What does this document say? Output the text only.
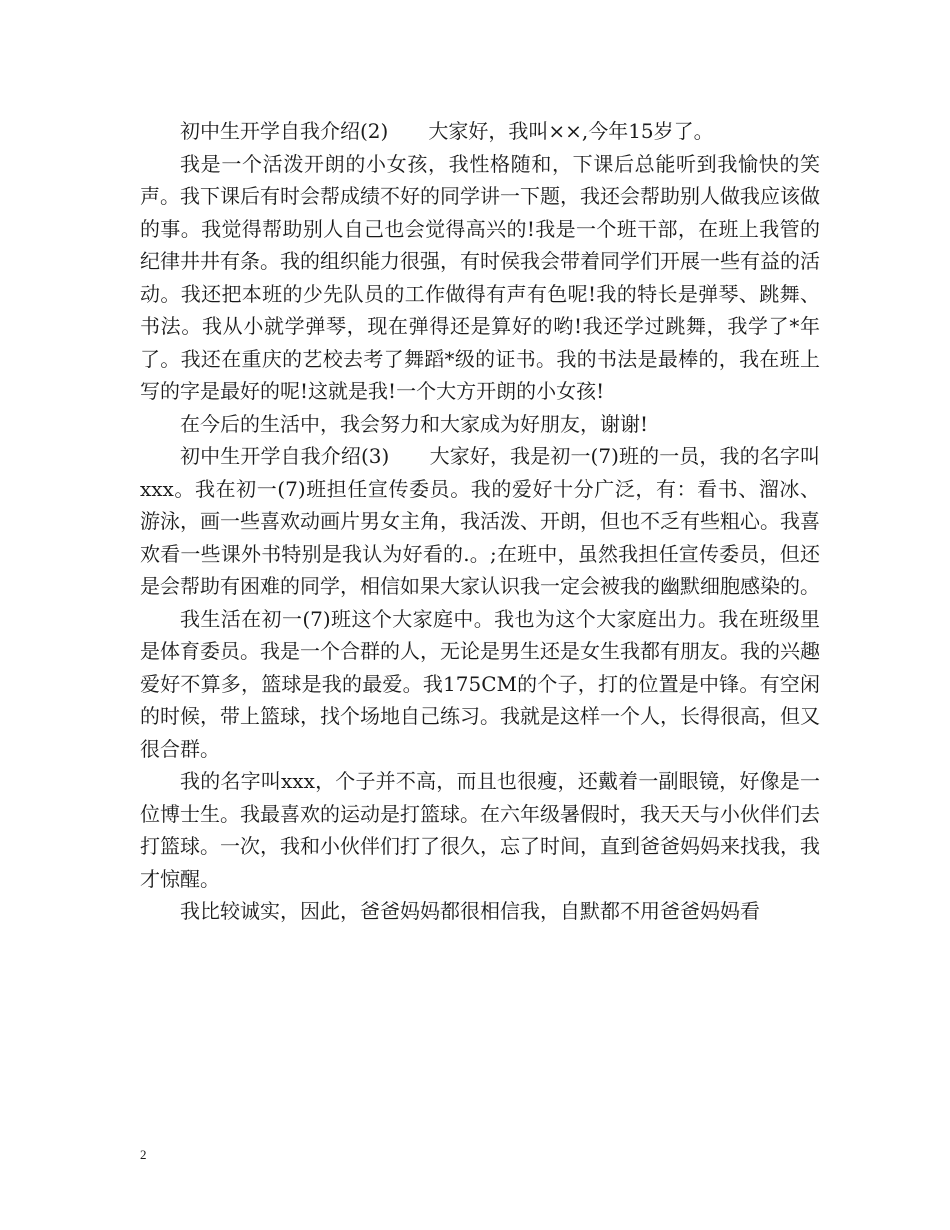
初中生开学自我介绍(2)　　大家好，我叫××,今年15岁了。

我是一个活泼开朗的小女孩，我性格随和，下课后总能听到我愉快的笑声。我下课后有时会帮成绩不好的同学讲一下题，我还会帮助别人做我应该做的事。我觉得帮助别人自己也会觉得高兴的!我是一个班干部，在班上我管的纪律井井有条。我的组织能力很强，有时侯我会带着同学们开展一些有益的活动。我还把本班的少先队员的工作做得有声有色呢!我的特长是弹琴、跳舞、书法。我从小就学弹琴，现在弹得还是算好的哟!我还学过跳舞，我学了*年了。我还在重庆的艺校去考了舞蹈*级的证书。我的书法是最棒的，我在班上写的字是最好的呢!这就是我!一个大方开朗的小女孩!

在今后的生活中，我会努力和大家成为好朋友，谢谢!

初中生开学自我介绍(3)　　大家好，我是初一(7)班的一员，我的名字叫xxx。我在初一(7)班担任宣传委员。我的爱好十分广泛，有：看书、溜冰、游泳，画一些喜欢动画片男女主角，我活泼、开朗，但也不乏有些粗心。我喜欢看一些课外书特别是我认为好看的.。;在班中，虽然我担任宣传委员，但还是会帮助有困难的同学，相信如果大家认识我一定会被我的幽默细胞感染的。

我生活在初一(7)班这个大家庭中。我也为这个大家庭出力。我在班级里是体育委员。我是一个合群的人，无论是男生还是女生我都有朋友。我的兴趣爱好不算多，篮球是我的最爱。我175CM的个子，打的位置是中锋。有空闲的时候，带上篮球，找个场地自己练习。我就是这样一个人，长得很高，但又很合群。

我的名字叫xxx，个子并不高，而且也很瘦，还戴着一副眼镜，好像是一位博士生。我最喜欢的运动是打篮球。在六年级暑假时，我天天与小伙伴们去打篮球。一次，我和小伙伴们打了很久，忘了时间，直到爸爸妈妈来找我，我才惊醒。

我比较诚实，因此，爸爸妈妈都很相信我，自默都不用爸爸妈妈看

2
